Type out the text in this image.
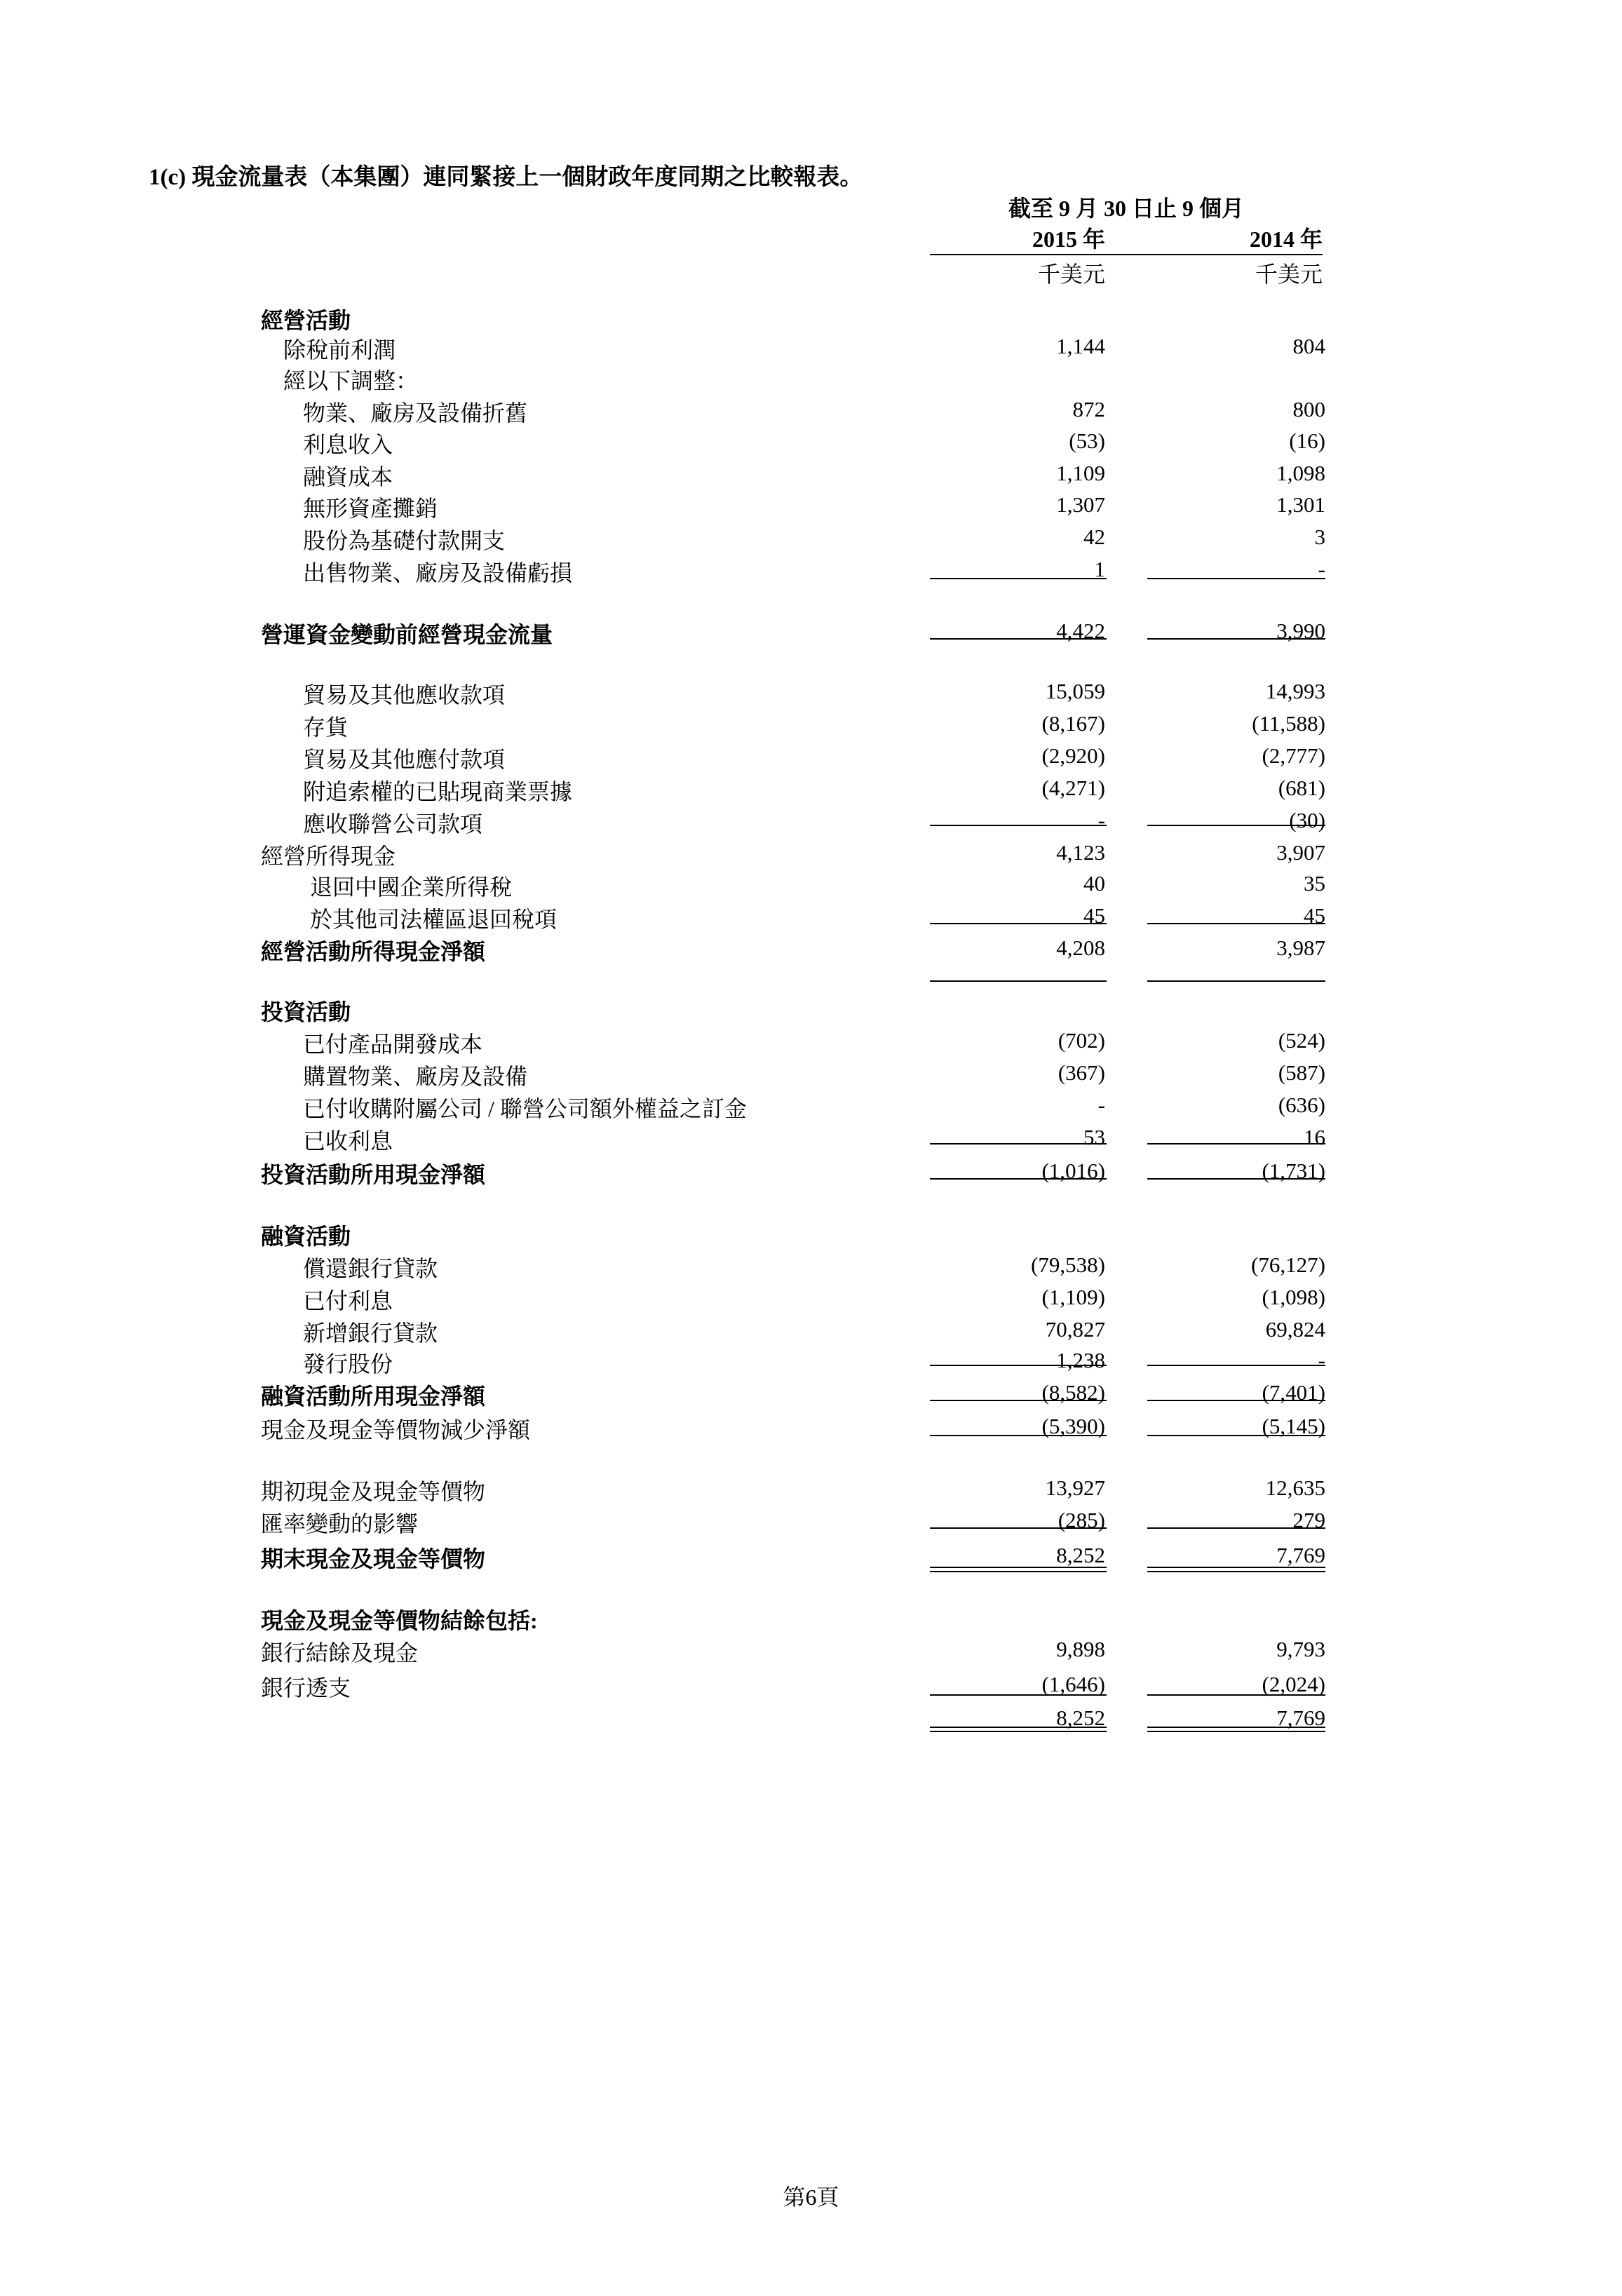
1(c) 現金流量表（本集團）連同緊接上一個財政年度同期之比較報表。
截至 9 月 30 日止 9 個月
2015 年	2014 年
千美元	千美元
經營活動
除稅前利潤	1,144	804
經以下調整：
物業、廠房及設備折舊	872	800
利息收入	(53)	(16)
融資成本	1,109	1,098
無形資產攤銷	1,307	1,301
股份為基礎付款開支	42	3
出售物業、廠房及設備虧損	1	-
營運資金變動前經營現金流量	4,422	3,990
貿易及其他應收款項	15,059	14,993
存貨	(8,167)	(11,588)
貿易及其他應付款項	(2,920)	(2,777)
附追索權的已貼現商業票據	(4,271)	(681)
應收聯營公司款項	-	(30)
經營所得現金	4,123	3,907
退回中國企業所得稅	40	35
於其他司法權區退回稅項	45	45
經營活動所得現金淨額	4,208	3,987
投資活動
已付產品開發成本	(702)	(524)
購置物業、廠房及設備	(367)	(587)
已付收購附屬公司 / 聯營公司額外權益之訂金	-	(636)
已收利息	53	16
投資活動所用現金淨額	(1,016)	(1,731)
融資活動
償還銀行貸款	(79,538)	(76,127)
已付利息	(1,109)	(1,098)
新增銀行貸款	70,827	69,824
發行股份	1,238	-
融資活動所用現金淨額	(8,582)	(7,401)
現金及現金等價物減少淨額	(5,390)	(5,145)
期初現金及現金等價物	13,927	12,635
匯率變動的影響	(285)	279
期末現金及現金等價物	8,252	7,769
現金及現金等價物結餘包括:
銀行結餘及現金	9,898	9,793
銀行透支	(1,646)	(2,024)
8,252	7,769
第6頁
